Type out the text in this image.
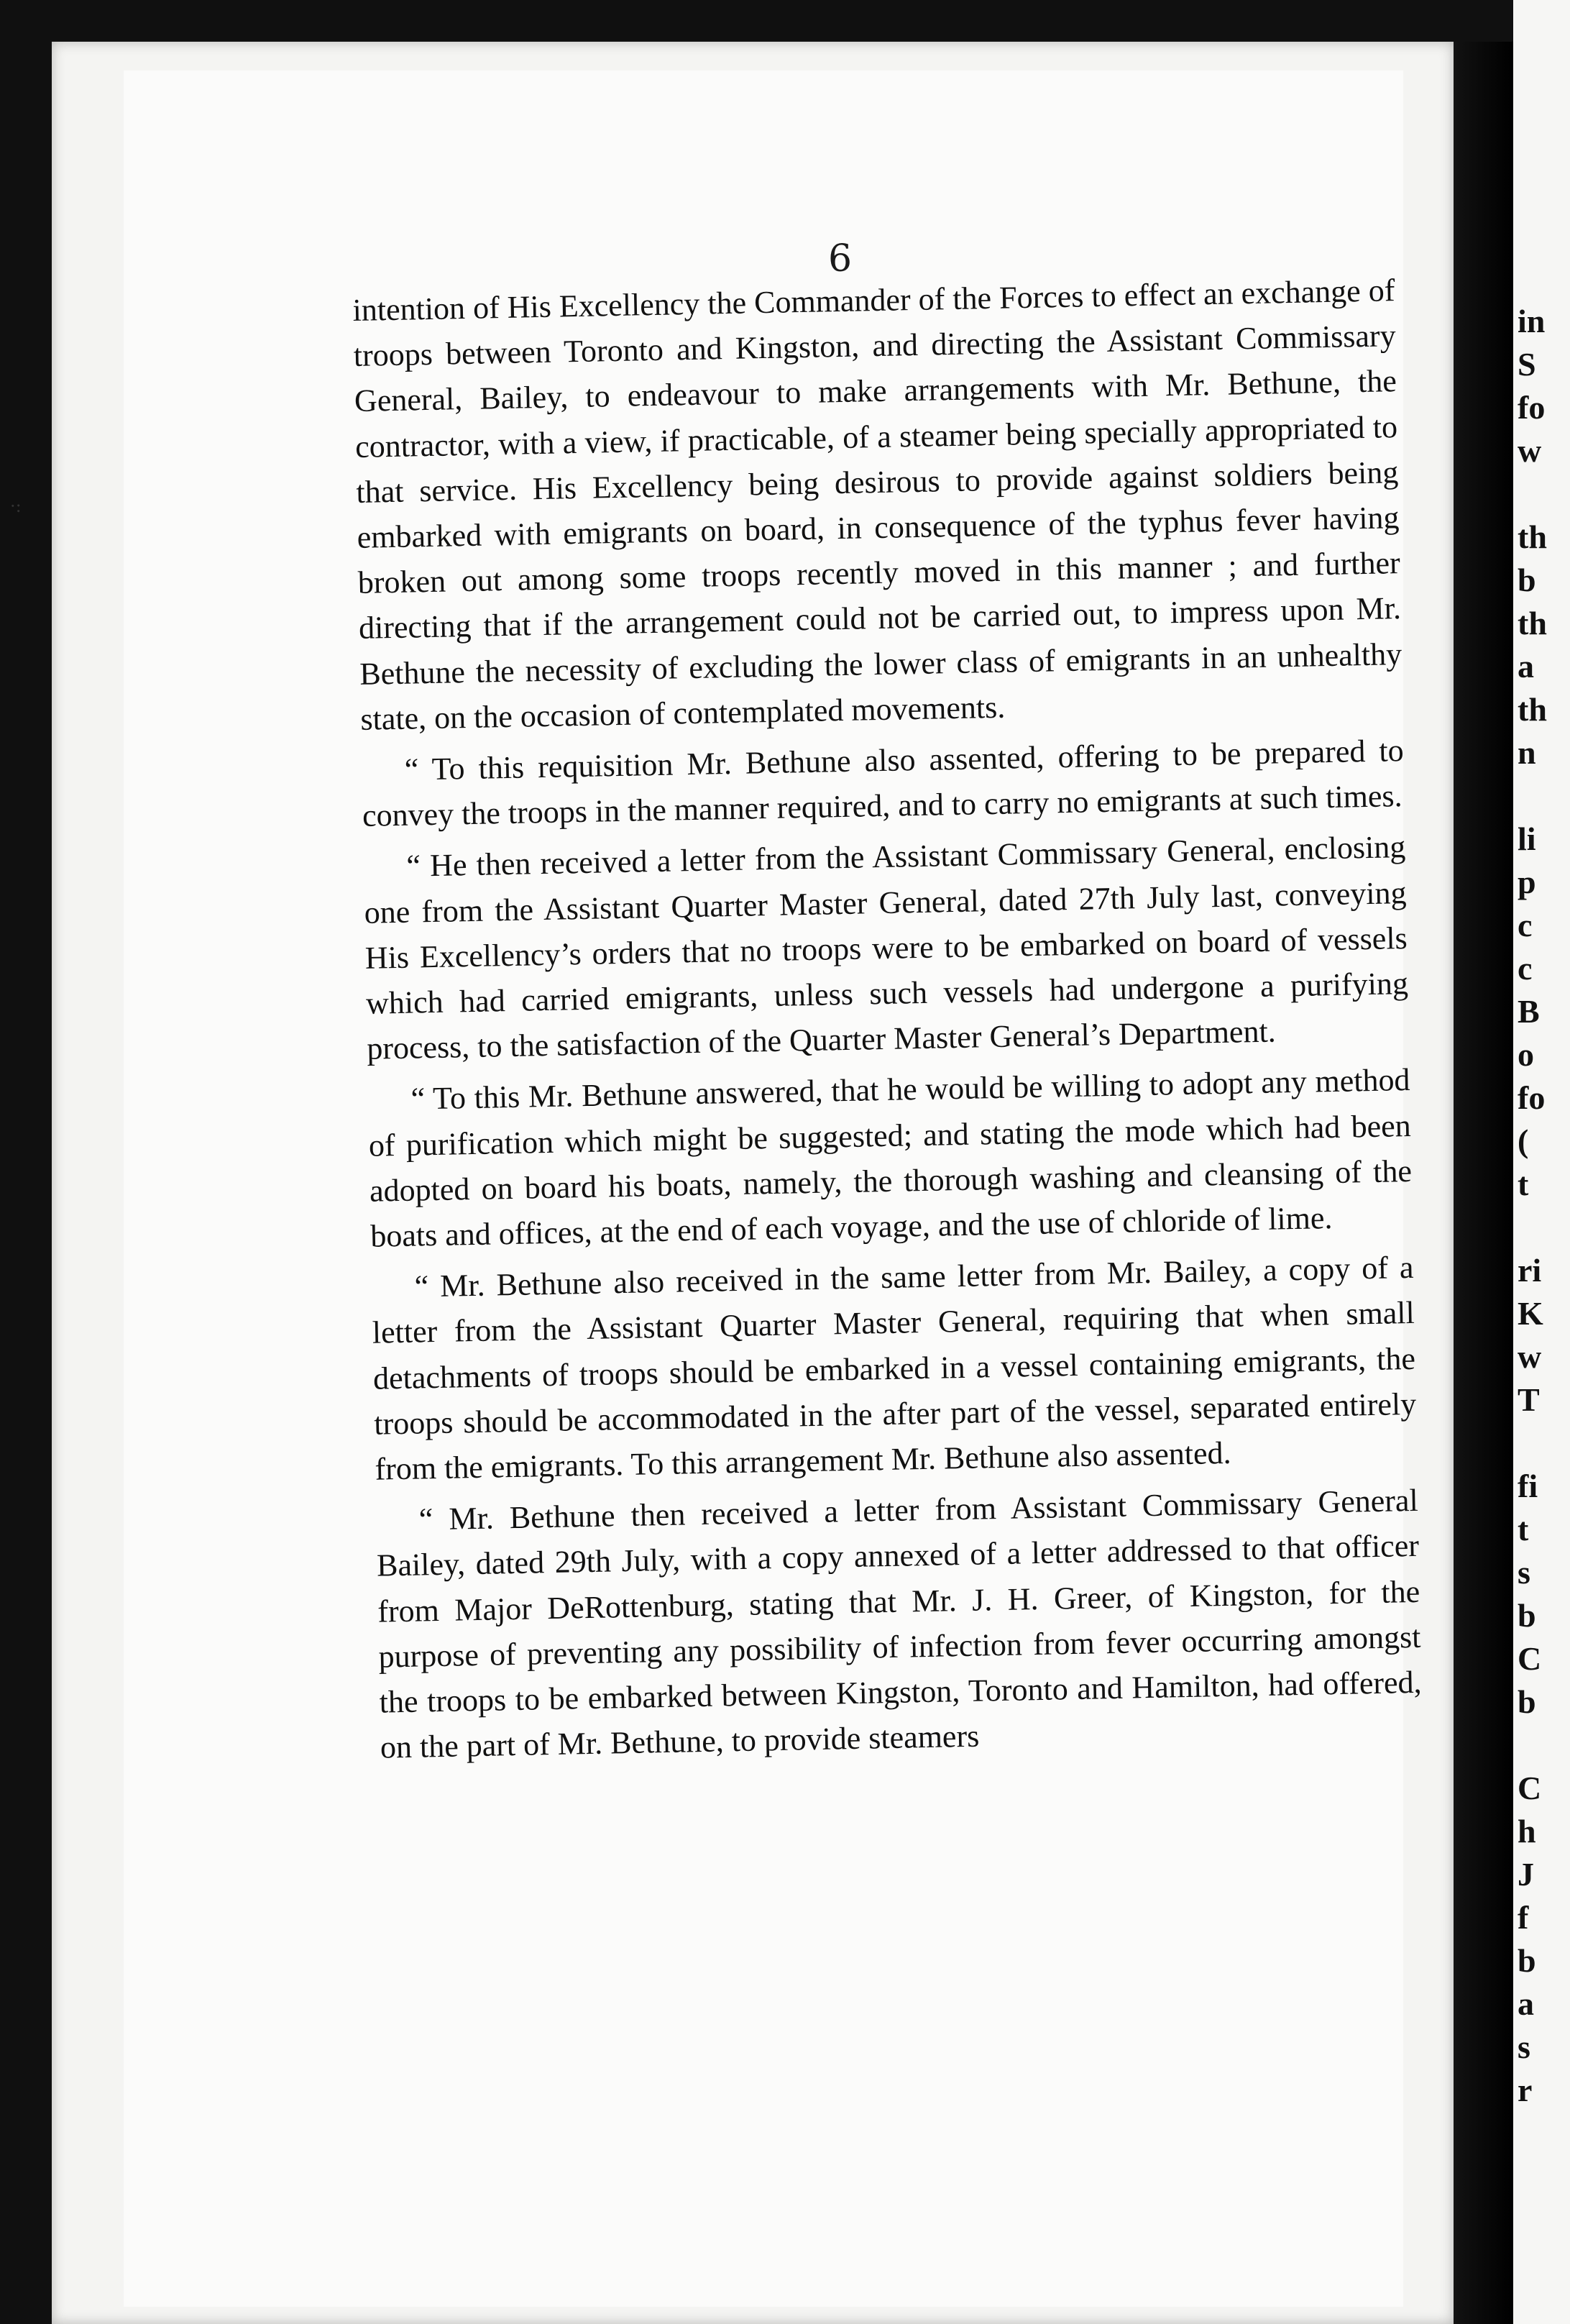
in
S
fo
w
th
b
th
a
th
n
li
p
c
c
B
o
fo
(
t
ri
K
w
T
fi
t
s
b
C
b
C
h
J
f
b
a
s
r
·:
6

intention of His Excellency the Commander of the Forces to effect an exchange of troops between Toronto and Kingston, and directing the Assistant Commissary General, Bailey, to endeavour to make arrangements with Mr. Bethune, the contractor, with a view, if practicable, of a steamer being specially appropriated to that service. His Excellency being desirous to provide against soldiers being embarked with emigrants on board, in consequence of the typhus fever having broken out among some troops recently moved in this manner ; and further directing that if the arrangement could not be carried out, to impress upon Mr. Bethune the necessity of excluding the lower class of emigrants in an unhealthy state, on the occasion of contemplated movements.

“ To this requisition Mr. Bethune also assented, offering to be prepared to convey the troops in the manner required, and to carry no emigrants at such times.

“ He then received a letter from the Assistant Commissary General, enclosing one from the Assistant Quarter Master General, dated 27th July last, conveying His Excellency’s orders that no troops were to be embarked on board of vessels which had carried emigrants, unless such vessels had undergone a purifying process, to the satisfaction of the Quarter Master General’s Department.

“ To this Mr. Bethune answered, that he would be willing to adopt any method of purification which might be suggested; and stating the mode which had been adopted on board his boats, namely, the thorough washing and cleansing of the boats and offices, at the end of each voyage, and the use of chloride of lime.

“ Mr. Bethune also received in the same letter from Mr. Bailey, a copy of a letter from the Assistant Quarter Master General, requiring that when small detachments of troops should be embarked in a vessel containing emigrants, the troops should be accommodated in the after part of the vessel, separated entirely from the emigrants. To this arrangement Mr. Bethune also assented.

“ Mr. Bethune then received a letter from Assistant Commissary General Bailey, dated 29th July, with a copy annexed of a letter addressed to that officer from Major DeRottenburg, stating that Mr. J. H. Greer, of Kingston, for the purpose of preventing any possibility of infection from fever occurring amongst the troops to be embarked between Kingston, Toronto and Hamilton, had offered, on the part of Mr. Bethune, to provide steamers
